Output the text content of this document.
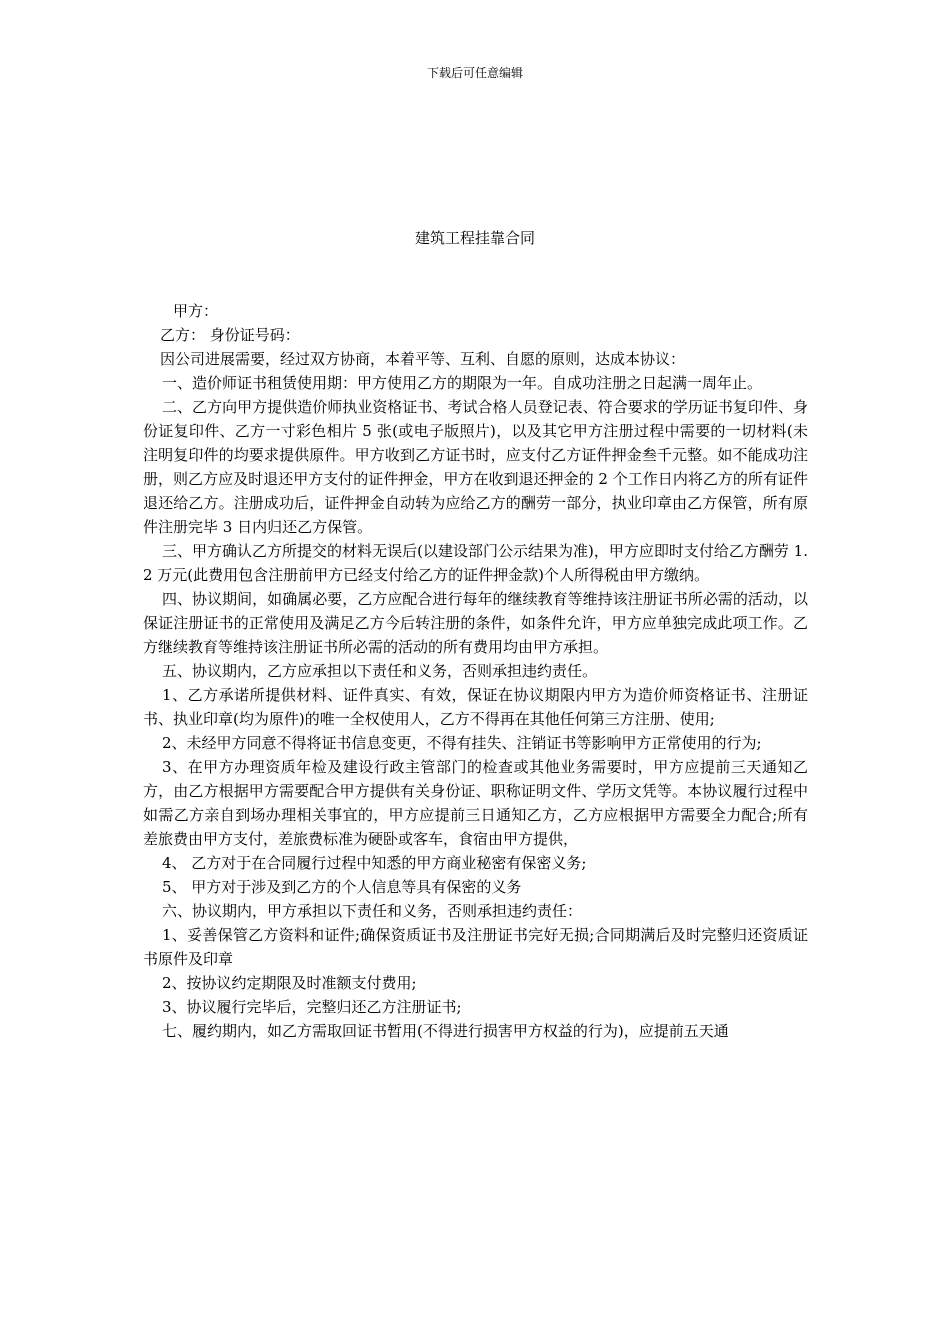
下载后可任意编辑
建筑工程挂靠合同

甲方：

乙方： 身份证号码：

因公司进展需要，经过双方协商，本着平等、互利、自愿的原则，达成本协议：

一、造价师证书租赁使用期：甲方使用乙方的期限为一年。自成功注册之日起满一周年止。

二、乙方向甲方提供造价师执业资格证书、考试合格人员登记表、符合要求的学历证书复印件、身份证复印件、乙方一寸彩色相片 5 张(或电子版照片)，以及其它甲方注册过程中需要的一切材料(未注明复印件的均要求提供原件。甲方收到乙方证书时，应支付乙方证件押金叁千元整。如不能成功注册，则乙方应及时退还甲方支付的证件押金，甲方在收到退还押金的 2 个工作日内将乙方的所有证件退还给乙方。注册成功后，证件押金自动转为应给乙方的酬劳一部分，执业印章由乙方保管，所有原件注册完毕 3 日内归还乙方保管。

三、甲方确认乙方所提交的材料无误后(以建设部门公示结果为准)，甲方应即时支付给乙方酬劳 1.2 万元(此费用包含注册前甲方已经支付给乙方的证件押金款)个人所得税由甲方缴纳。

四、协议期间，如确属必要，乙方应配合进行每年的继续教育等维持该注册证书所必需的活动，以保证注册证书的正常使用及满足乙方今后转注册的条件，如条件允许，甲方应单独完成此项工作。乙方继续教育等维持该注册证书所必需的活动的所有费用均由甲方承担。

五、协议期内，乙方应承担以下责任和义务，否则承担违约责任。

1、乙方承诺所提供材料、证件真实、有效，保证在协议期限内甲方为造价师资格证书、注册证书、执业印章(均为原件)的唯一全权使用人，乙方不得再在其他任何第三方注册、使用;

2、未经甲方同意不得将证书信息变更，不得有挂失、注销证书等影响甲方正常使用的行为;

3、在甲方办理资质年检及建设行政主管部门的检查或其他业务需要时，甲方应提前三天通知乙方，由乙方根据甲方需要配合甲方提供有关身份证、职称证明文件、学历文凭等。本协议履行过程中如需乙方亲自到场办理相关事宜的，甲方应提前三日通知乙方，乙方应根据甲方需要全力配合;所有差旅费由甲方支付，差旅费标准为硬卧或客车，食宿由甲方提供，

4、 乙方对于在合同履行过程中知悉的甲方商业秘密有保密义务;

5、 甲方对于涉及到乙方的个人信息等具有保密的义务

六、协议期内，甲方承担以下责任和义务，否则承担违约责任：

1、妥善保管乙方资料和证件;确保资质证书及注册证书完好无损;合同期满后及时完整归还资质证书原件及印章

2、按协议约定期限及时准额支付费用;

3、协议履行完毕后，完整归还乙方注册证书;

七、履约期内，如乙方需取回证书暂用(不得进行损害甲方权益的行为)，应提前五天通
